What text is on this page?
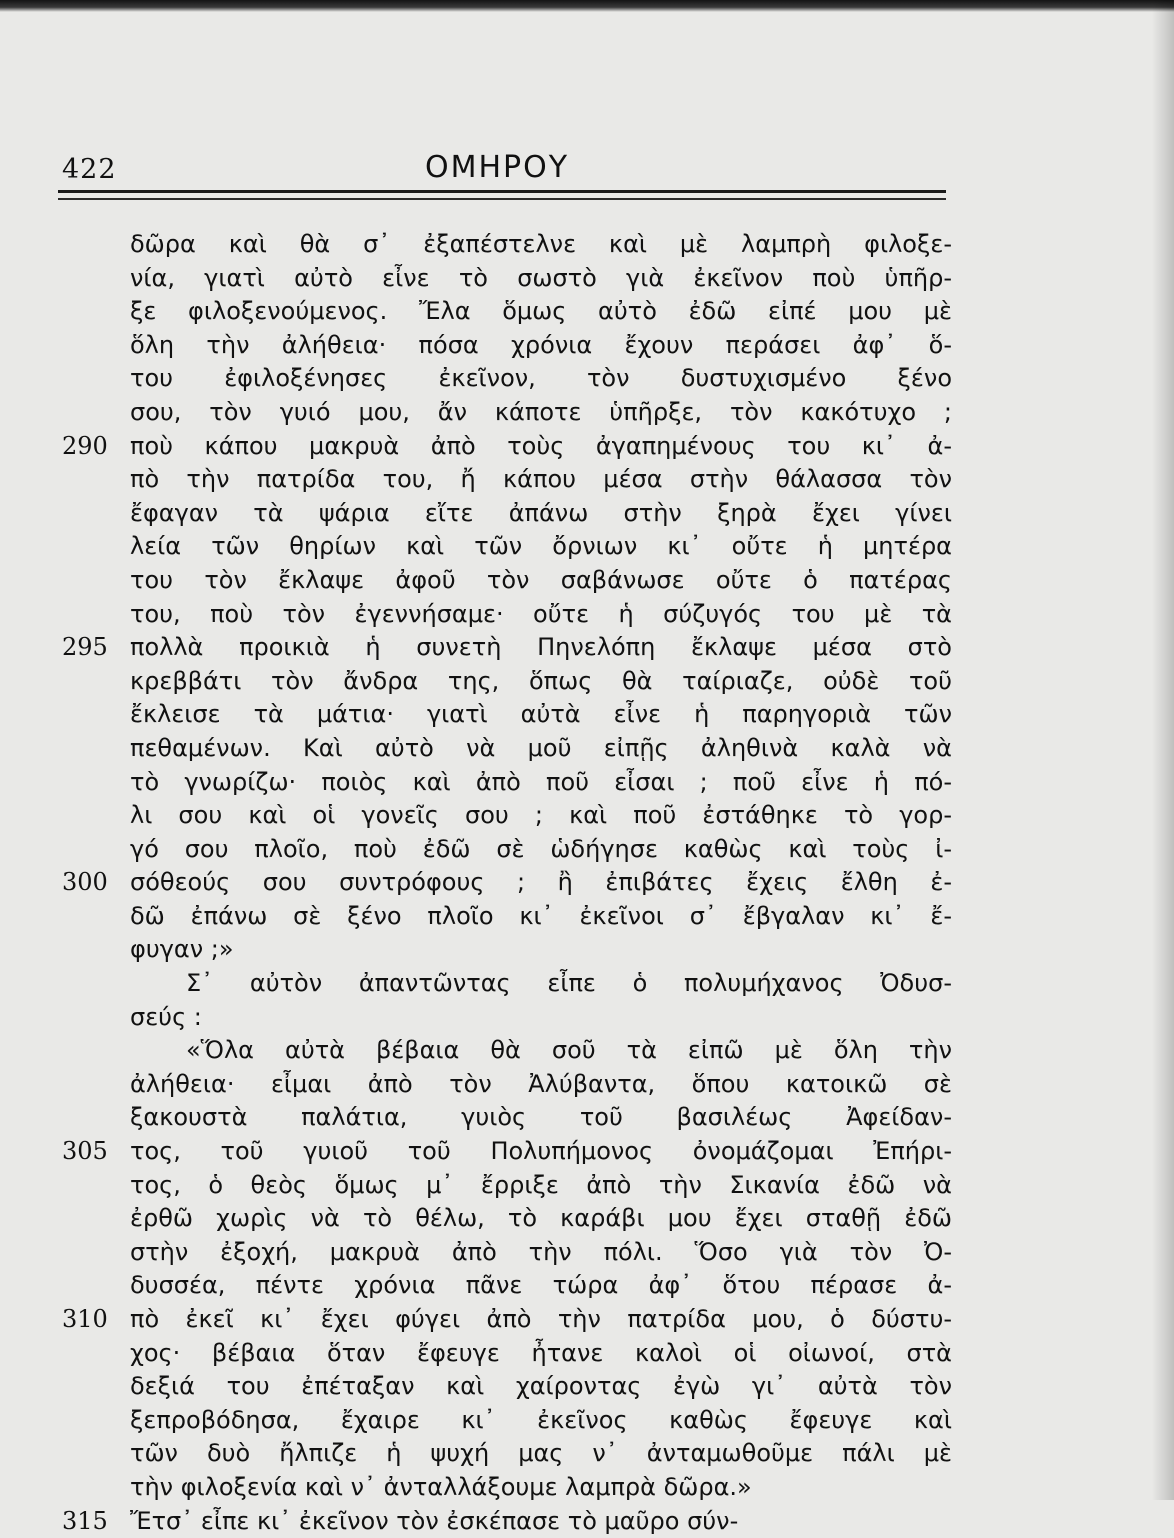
422	ΟΜΗΡΟΥ
290
295
300
305
310
315
δῶρα καὶ θὰ σ᾽ ἐξαπέστελνε καὶ μὲ λαμπρὴ φιλοξε-
νία, γιατὶ αὐτὸ εἶνε τὸ σωστὸ γιὰ ἐκεῖνον ποὺ ὑπῆρ-
ξε φιλοξενούμενος. Ἔλα ὅμως αὐτὸ ἐδῶ εἰπέ μου μὲ
ὅλη τὴν ἀλήθεια· πόσα χρόνια ἔχουν περάσει ἀφ᾽ ὅ-
του ἐφιλοξένησες ἐκεῖνον, τὸν δυστυχισμένο ξένο
σου, τὸν γυιό μου, ἄν κάποτε ὑπῆρξε, τὸν κακότυχο ;
ποὺ κάπου μακρυὰ ἀπὸ τοὺς ἀγαπημένους του κι᾽ ἀ-
πὸ τὴν πατρίδα του, ἤ κάπου μέσα στὴν θάλασσα τὸν
ἔφαγαν τὰ ψάρια εἴτε ἀπάνω στὴν ξηρὰ ἔχει γίνει
λεία τῶν θηρίων καὶ τῶν ὄρνιων κι᾽ οὔτε ἡ μητέρα
του τὸν ἔκλαψε ἀφοῦ τὸν σαβάνωσε οὔτε ὁ πατέρας
του, ποὺ τὸν ἐγεννήσαμε· οὔτε ἡ σύζυγός του μὲ τὰ
πολλὰ προικιὰ ἡ συνετὴ Πηνελόπη ἔκλαψε μέσα στὸ
κρεββάτι τὸν ἄνδρα της, ὅπως θὰ ταίριαζε, οὐδὲ τοῦ
ἔκλεισε τὰ μάτια· γιατὶ αὐτὰ εἶνε ἡ παρηγοριὰ τῶν
πεθαμένων. Καὶ αὐτὸ νὰ μοῦ εἰπῇς ἀληθινὰ καλὰ νὰ
τὸ γνωρίζω· ποιὸς καὶ ἀπὸ ποῦ εἶσαι ; ποῦ εἶνε ἡ πό-
λι σου καὶ οἱ γονεῖς σου ; καὶ ποῦ ἐστάθηκε τὸ γορ-
γό σου πλοῖο, ποὺ ἐδῶ σὲ ὡδήγησε καθὼς καὶ τοὺς ἰ-
σόθεούς σου συντρόφους ; ἢ ἐπιβάτες ἔχεις ἔλθη ἐ-
δῶ ἐπάνω σὲ ξένο πλοῖο κι᾽ ἐκεῖνοι σ᾽ ἔβγαλαν κι᾽ ἔ-
φυγαν ;»
Σ᾽ αὐτὸν ἀπαντῶντας εἶπε ὁ πολυμήχανος Ὀδυσ-
σεύς :
«Ὅλα αὐτὰ βέβαια θὰ σοῦ τὰ εἰπῶ μὲ ὅλη τὴν
ἀλήθεια· εἶμαι ἀπὸ τὸν Ἀλύβαντα, ὅπου κατοικῶ σὲ
ξακουστὰ παλάτια, γυιὸς τοῦ βασιλέως Ἀφείδαν-
τος, τοῦ γυιοῦ τοῦ Πολυπήμονος ὀνομάζομαι Ἐπήρι-
τος, ὁ θεὸς ὅμως μ᾽ ἔρριξε ἀπὸ τὴν Σικανία ἐδῶ νὰ
ἐρθῶ χωρὶς νὰ τὸ θέλω, τὸ καράβι μου ἔχει σταθῇ ἐδῶ
στὴν ἐξοχή, μακρυὰ ἀπὸ τὴν πόλι. Ὅσο γιὰ τὸν Ὀ-
δυσσέα, πέντε χρόνια πᾶνε τώρα ἀφ᾽ ὅτου πέρασε ἀ-
πὸ ἐκεῖ κι᾽ ἔχει φύγει ἀπὸ τὴν πατρίδα μου, ὁ δύστυ-
χος· βέβαια ὅταν ἔφευγε ἦτανε καλοὶ οἱ οἰωνοί, στὰ
δεξιά του ἐπέταξαν καὶ χαίροντας ἐγὼ γι᾽ αὐτὰ τὸν
ξεπροβόδησα, ἔχαιρε κι᾽ ἐκεῖνος καθὼς ἔφευγε καὶ
τῶν δυὸ ἤλπιζε ἡ ψυχή μας ν᾽ ἀνταμωθοῦμε πάλι μὲ
τὴν φιλοξενία καὶ ν᾽ ἀνταλλάξουμε λαμπρὰ δῶρα.»
Ἔτσ᾽ εἶπε κι᾽ ἐκεῖνον τὸν ἐσκέπασε τὸ μαῦρο σύν-
